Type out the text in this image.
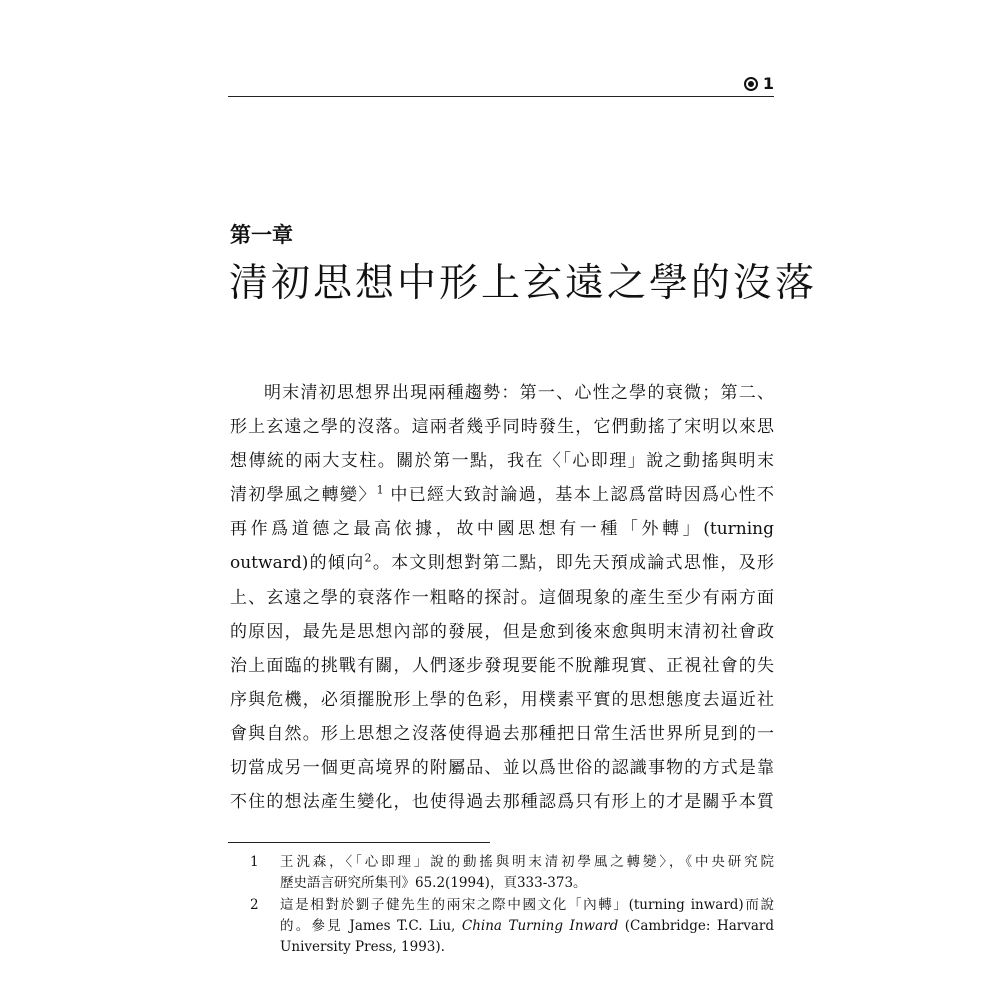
1
第一章
清初思想中形上玄遠之學的沒落
明末清初思想界出現兩種趨勢：第一、心性之學的衰微；第二、
形上玄遠之學的沒落。這兩者幾乎同時發生，它們動搖了宋明以來思
想傳統的兩大支柱。關於第一點，我在〈「心即理」說之動搖與明末
清初學風之轉變〉$^1$ 中已經大致討論過，基本上認爲當時因爲心性不
再作爲道德之最高依據，故中國思想有一種「外轉」(turning
outward)的傾向$^2$。本文則想對第二點，即先天預成論式思惟，及形
上、玄遠之學的衰落作一粗略的探討。這個現象的產生至少有兩方面
的原因，最先是思想內部的發展，但是愈到後來愈與明末清初社會政
治上面臨的挑戰有關，人們逐步發現要能不脫離現實、正視社會的失
序與危機，必須擺脫形上學的色彩，用樸素平實的思想態度去逼近社
會與自然。形上思想之沒落使得過去那種把日常生活世界所見到的一
切當成另一個更高境界的附屬品、並以爲世俗的認識事物的方式是靠
不住的想法產生變化，也使得過去那種認爲只有形上的才是關乎本質
1	王汎森，〈「心即理」說的動搖與明末清初學風之轉變〉，《中央研究院
歷史語言研究所集刊》65.2(1994)，頁333-373。
2	這是相對於劉子健先生的兩宋之際中國文化「內轉」(turning inward)而說
的。參見 James T.C. Liu, China Turning Inward (Cambridge: Harvard
University Press, 1993).
